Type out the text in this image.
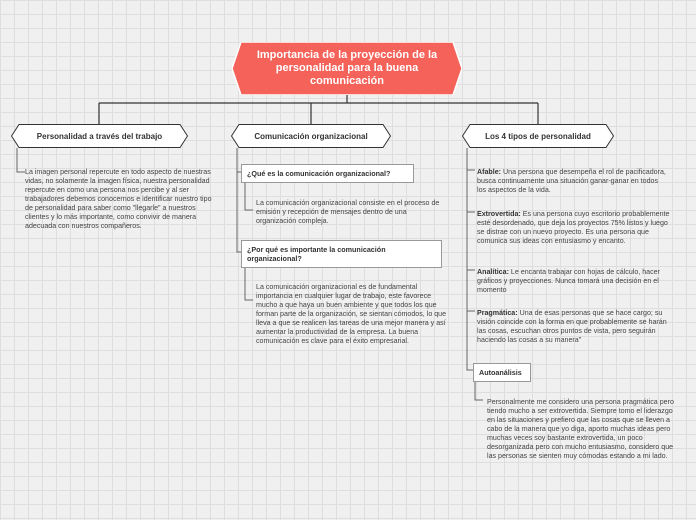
Importancia de la proyección de la personalidad para la buena comunicación
Personalidad a través del trabajo
La imagen personal repercute en todo aspecto de nuestras vidas, no solamente la imagen física, nuestra personalidad repercute en como una persona nos percibe y al ser trabajadores debemos conocernos e identificar nuestro tipo de personalidad para saber como "llegarle" a nuestros clientes y lo más importante, como convivir de manera adecuada con nuestros compañeros.
Comunicación organizacional
¿Qué es la comunicación organizacional?
La comunicación organizacional consiste en el proceso de emisión y recepción de mensajes dentro de una organización compleja.
¿Por qué es importante la comunicación organizacional?
La comunicación organizacional es de fundamental importancia en cualquier lugar de trabajo, este favorece mucho a que haya un buen ambiente y que todos los que forman parte de la organización, se sientan cómodos, lo que lleva a que se realicen las tareas de una mejor manera y así aumentar la productividad de la empresa. La buena comunicación es clave para el éxito empresarial.
Los 4 tipos de personalidad
Afable: Una persona que desempeña el rol de pacificadora, busca continuamente una situación ganar-ganar en todos los aspectos de la vida.
Extrovertida: Es una persona cuyo escritorio probablemente esté desordenado, que deja los proyectos 75% listos y luego se distrae con un nuevo proyecto. Es una persona que comunica sus ideas con entusiasmo y encanto.
Analítica: Le encanta trabajar con hojas de cálculo, hacer gráficos y proyecciones. Nunca tomará una decisión en el momento
Pragmática: Una de esas personas que se hace cargo; su visión coincide con la forma en que probablemente se harán las cosas, escuchan otros puntos de vista, pero seguirán haciendo las cosas a su manera"
Autoanálisis
Personalmente me considero una persona pragmática pero tiendo mucho a ser extrovertida. Siempre tomo el liderazgo en las situaciones y prefiero que las cosas que se lleven a cabo de la manera que yo diga, aporto muchas ideas pero muchas veces soy bastante extrovertida, un poco desorganizada pero con mucho entusiasmo, considero que las personas se sienten muy cómodas estando a mi lado.
